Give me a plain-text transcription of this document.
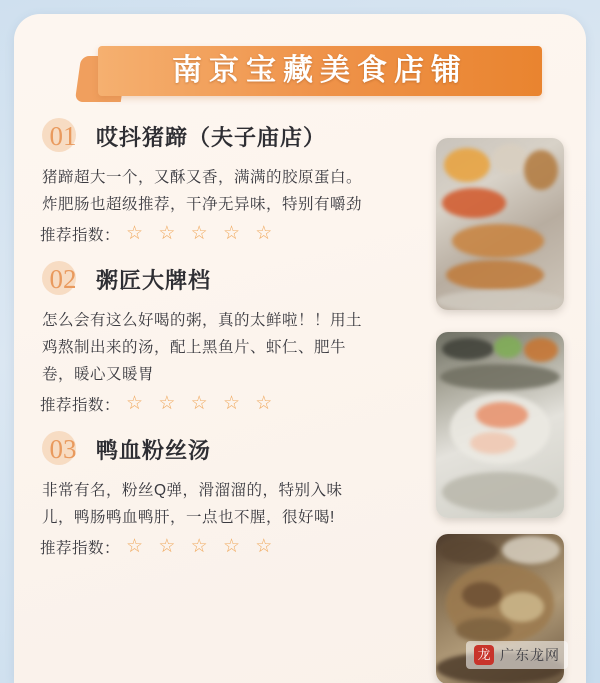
南京宝藏美食店铺
01 哎抖猪蹄（夫子庙店）
猪蹄超大一个，又酥又香，满满的胶原蛋白。炸肥肠也超级推荐，干净无异味，特别有嚼劲
推荐指数： ☆ ☆ ☆ ☆ ☆
02 粥匠大牌档
怎么会有这么好喝的粥，真的太鲜啦！！用土鸡熬制出来的汤，配上黑鱼片、虾仁、肥牛卷，暖心又暖胃
推荐指数： ☆ ☆ ☆ ☆ ☆
03 鸭血粉丝汤
非常有名，粉丝Q弹，滑溜溜的，特别入味儿，鸭肠鸭血鸭肝，一点也不腥，很好喝!
推荐指数： ☆ ☆ ☆ ☆ ☆
龙 广东龙网
